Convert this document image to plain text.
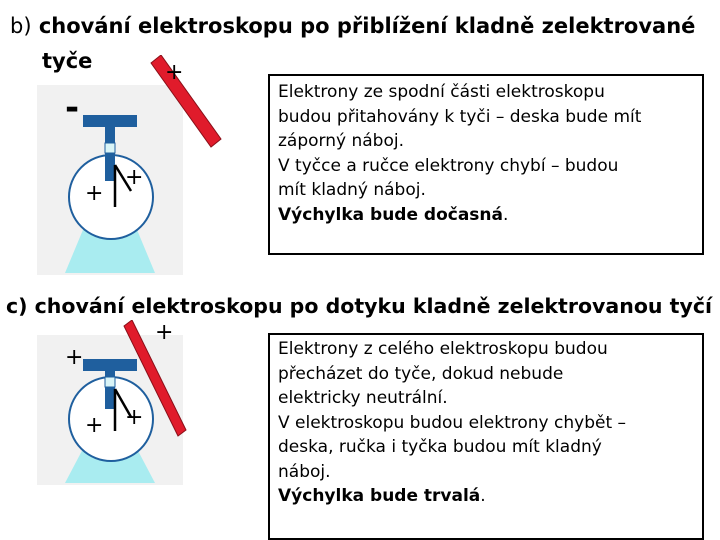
b) chování elektroskopu po přiblížení kladně zelektrované
tyče
-
+
+
+
Elektrony ze spodní části elektroskopu
budou přitahovány k tyči – deska bude mít
záporný náboj.
V tyčce a ručce elektrony chybí – budou
mít kladný náboj.
Výchylka bude dočasná.
c) chování elektroskopu po dotyku kladně zelektrovanou tyčí
+
+ +
+
Elektrony z celého elektroskopu budou
přecházet do tyče, dokud nebude
elektricky neutrální.
V elektroskopu budou elektrony chybět –
deska, ručka i tyčka budou mít kladný
náboj.
Výchylka bude trvalá.
